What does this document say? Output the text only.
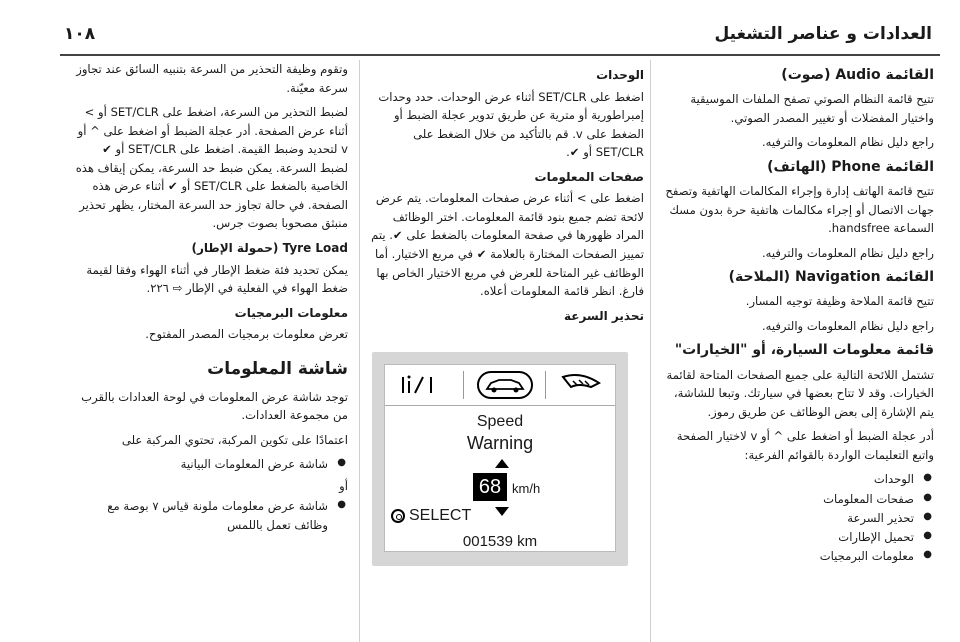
العدادات و عناصر التشغيل
١٠٨
القائمة Audio (صوت)

تتيح قائمة النظام الصوتي تصفح الملفات الموسيقية واختيار المفضلات أو تغيير المصدر الصوتي.

راجع دليل نظام المعلومات والترفيه.

القائمة Phone (الهاتف)

تتيح قائمة الهاتف إدارة وإجراء المكالمات الهاتفية وتصفح جهات الاتصال أو إجراء مكالمات هاتفية حرة بدون مسك السماعة handsfree.

راجع دليل نظام المعلومات والترفيه.

القائمة Navigation (الملاحة)

تتيح قائمة الملاحة وظيفة توجيه المسار.

راجع دليل نظام المعلومات والترفيه.

قائمة معلومات السيارة، أو "الخيارات"

تشتمل اللائحة التالية على جميع الصفحات المتاحة لقائمة الخيارات. وقد لا تتاح بعضها في سيارتك. وتبعا للشاشة، يتم الإشارة إلى بعض الوظائف عن طريق رموز.

أدر عجلة الضبط أو اضغط على ^ أو v لاختيار الصفحة واتبع التعليمات الواردة بالقوائم الفرعية:

● الوحدات
● صفحات المعلومات
● تحذير السرعة
● تحميل الإطارات
● معلومات البرمجيات
الوحدات

اضغط على SET/CLR أثناء عرض الوحدات. حدد وحدات إمبراطورية أو مترية عن طريق تدوير عجلة الضبط أو الضغط على v. قم بالتأكيد من خلال الضغط على SET/CLR أو ✔.

صفحات المعلومات

اضغط على > أثناء عرض صفحات المعلومات. يتم عرض لائحة تضم جميع بنود قائمة المعلومات. اختر الوظائف المراد ظهورها في صفحة المعلومات بالضغط على ✔. يتم تمييز الصفحات المختارة بالعلامة ✔ في مربع الاختيار. أما الوظائف غير المتاحة للعرض في مربع الاختيار الخاص بها فارغ. انظر قائمة المعلومات أعلاه.

تحذير السرعة
Speed
Warning
68 km/h
SELECT
001539 km

وتقوم وظيفة التحذير من السرعة بتنبيه السائق عند تجاوز سرعة معيّنة.

لضبط التحذير من السرعة، اضغط على SET/CLR أو > أثناء عرض الصفحة. أدر عجلة الضبط أو اضغط على ^ أو v لتحديد وضبط القيمة. اضغط على SET/CLR أو ✔ لضبط السرعة. يمكن ضبط حد السرعة، يمكن إيقاف هذه الخاصية بالضغط على SET/CLR أو ✔ أثناء عرض هذه الصفحة. في حالة تجاوز حد السرعة المختار، يظهر تحذير منبثق مصحوبا بصوت جرس.

Tyre Load (حمولة الإطار)

يمكن تحديد فئة ضغط الإطار في أثناء الهواء وفقا لقيمة ضغط الهواء في الفعلية في الإطار ⇨ ٢٢٦.

معلومات البرمجيات

تعرض معلومات برمجيات المصدر المفتوح.

شاشة المعلومات

توجد شاشة عرض المعلومات في لوحة العدادات بالقرب من مجموعة العدادات.

اعتمادًا على تكوين المركبة، تحتوي المركبة على

● شاشة عرض المعلومات البيانية

أو

● شاشة عرض معلومات ملونة قياس ٧ بوصة مع وظائف تعمل باللمس
